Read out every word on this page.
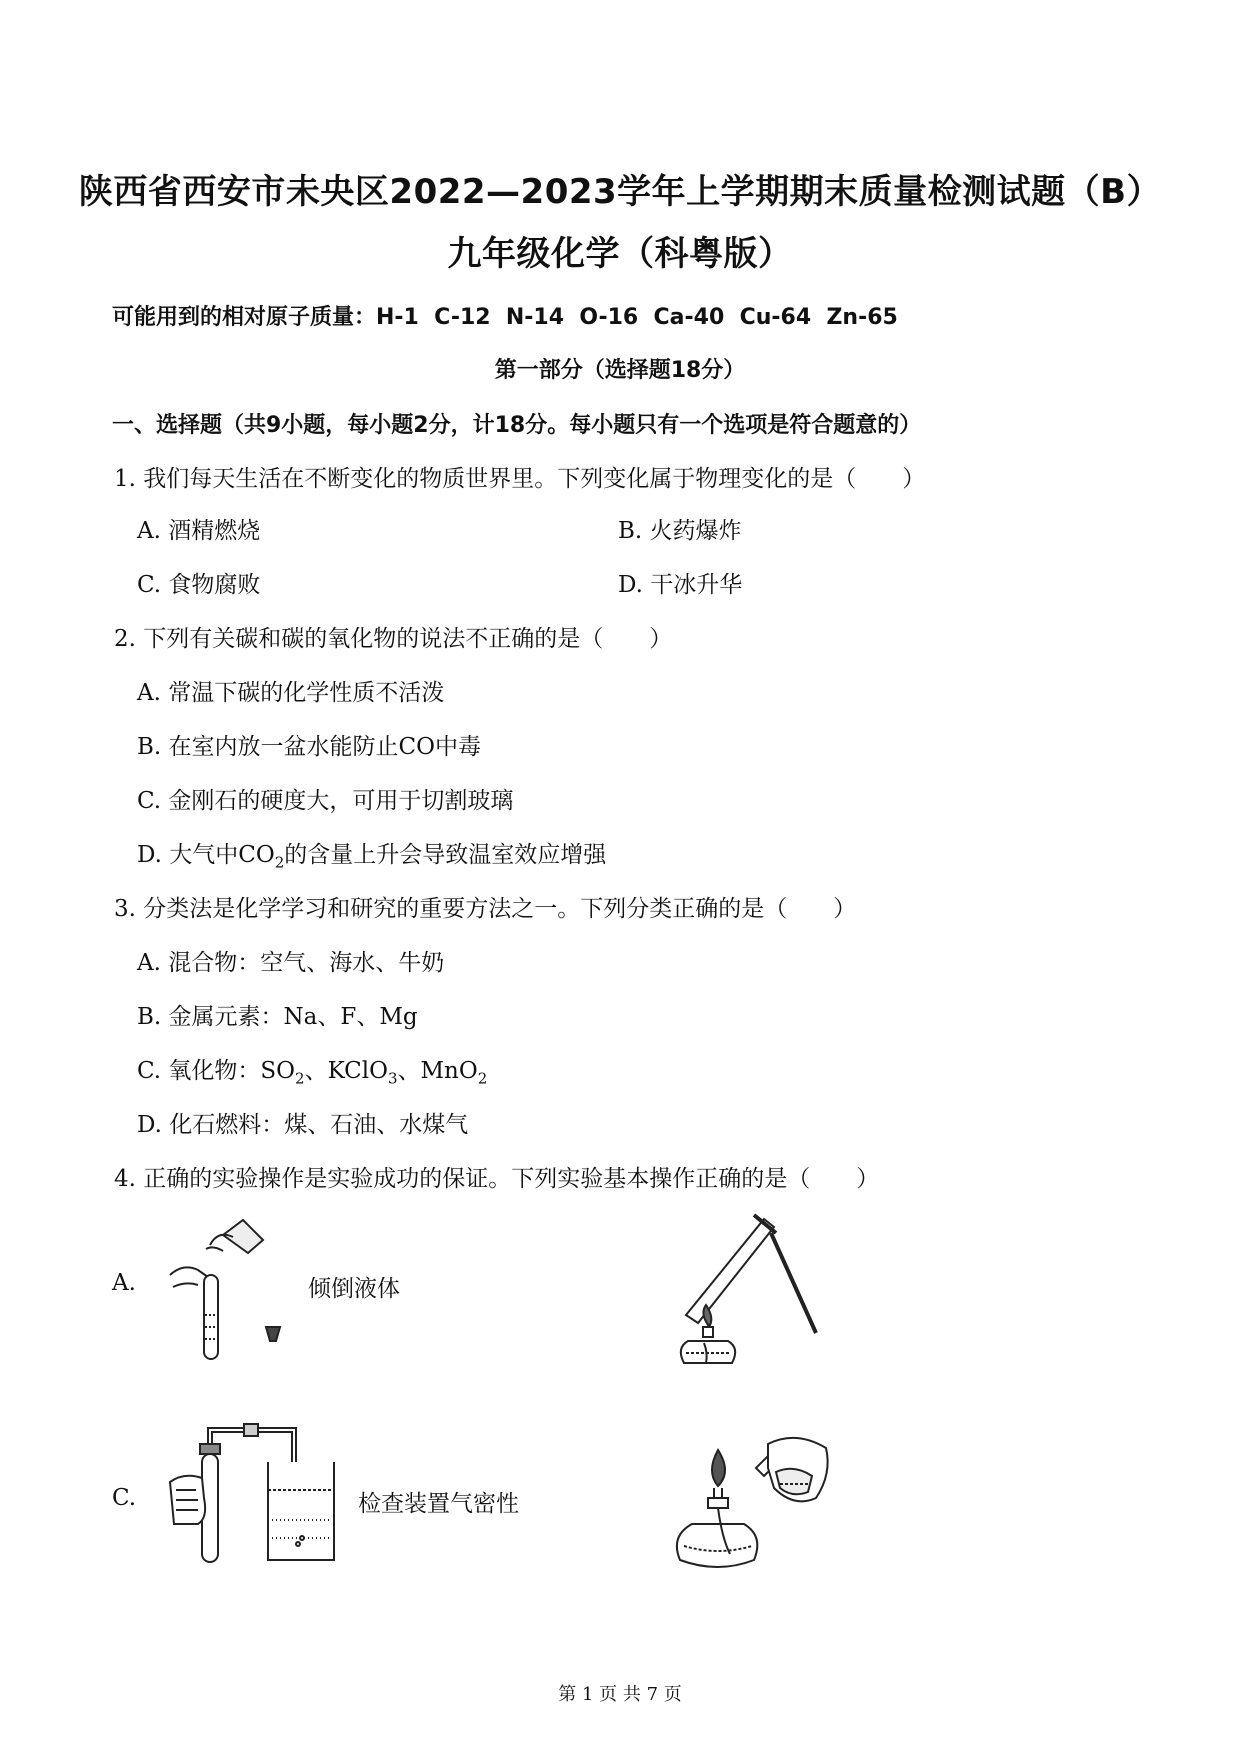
陕西省西安市未央区2022—2023学年上学期期末质量检测试题（B）
九年级化学（科粤版）
可能用到的相对原子质量：H-1  C-12  N-14  O-16  Ca-40  Cu-64  Zn-65
第一部分（选择题18分）
一、选择题（共9小题，每小题2分，计18分。每小题只有一个选项是符合题意的）
1. 我们每天生活在不断变化的物质世界里。下列变化属于物理变化的是（　　）
A. 酒精燃烧	B. 火药爆炸
C. 食物腐败	D. 干冰升华
2. 下列有关碳和碳的氧化物的说法不正确的是（　　）
A. 常温下碳的化学性质不活泼
B. 在室内放一盆水能防止CO中毒
C. 金刚石的硬度大，可用于切割玻璃
D. 大气中$CO_2$的含量上升会导致温室效应增强
3. 分类法是化学学习和研究的重要方法之一。下列分类正确的是（　　）
A. 混合物：空气、海水、牛奶
B. 金属元素：Na、F、Mg
C. 氧化物：$SO_2$、KClO$_3$、MnO$_2$
D. 化石燃料：煤、石油、水煤气
4. 正确的实验操作是实验成功的保证。下列实验基本操作正确的是（　　）
A.	倾倒液体
C.	检查装置气密性
第 1 页 共 7 页
